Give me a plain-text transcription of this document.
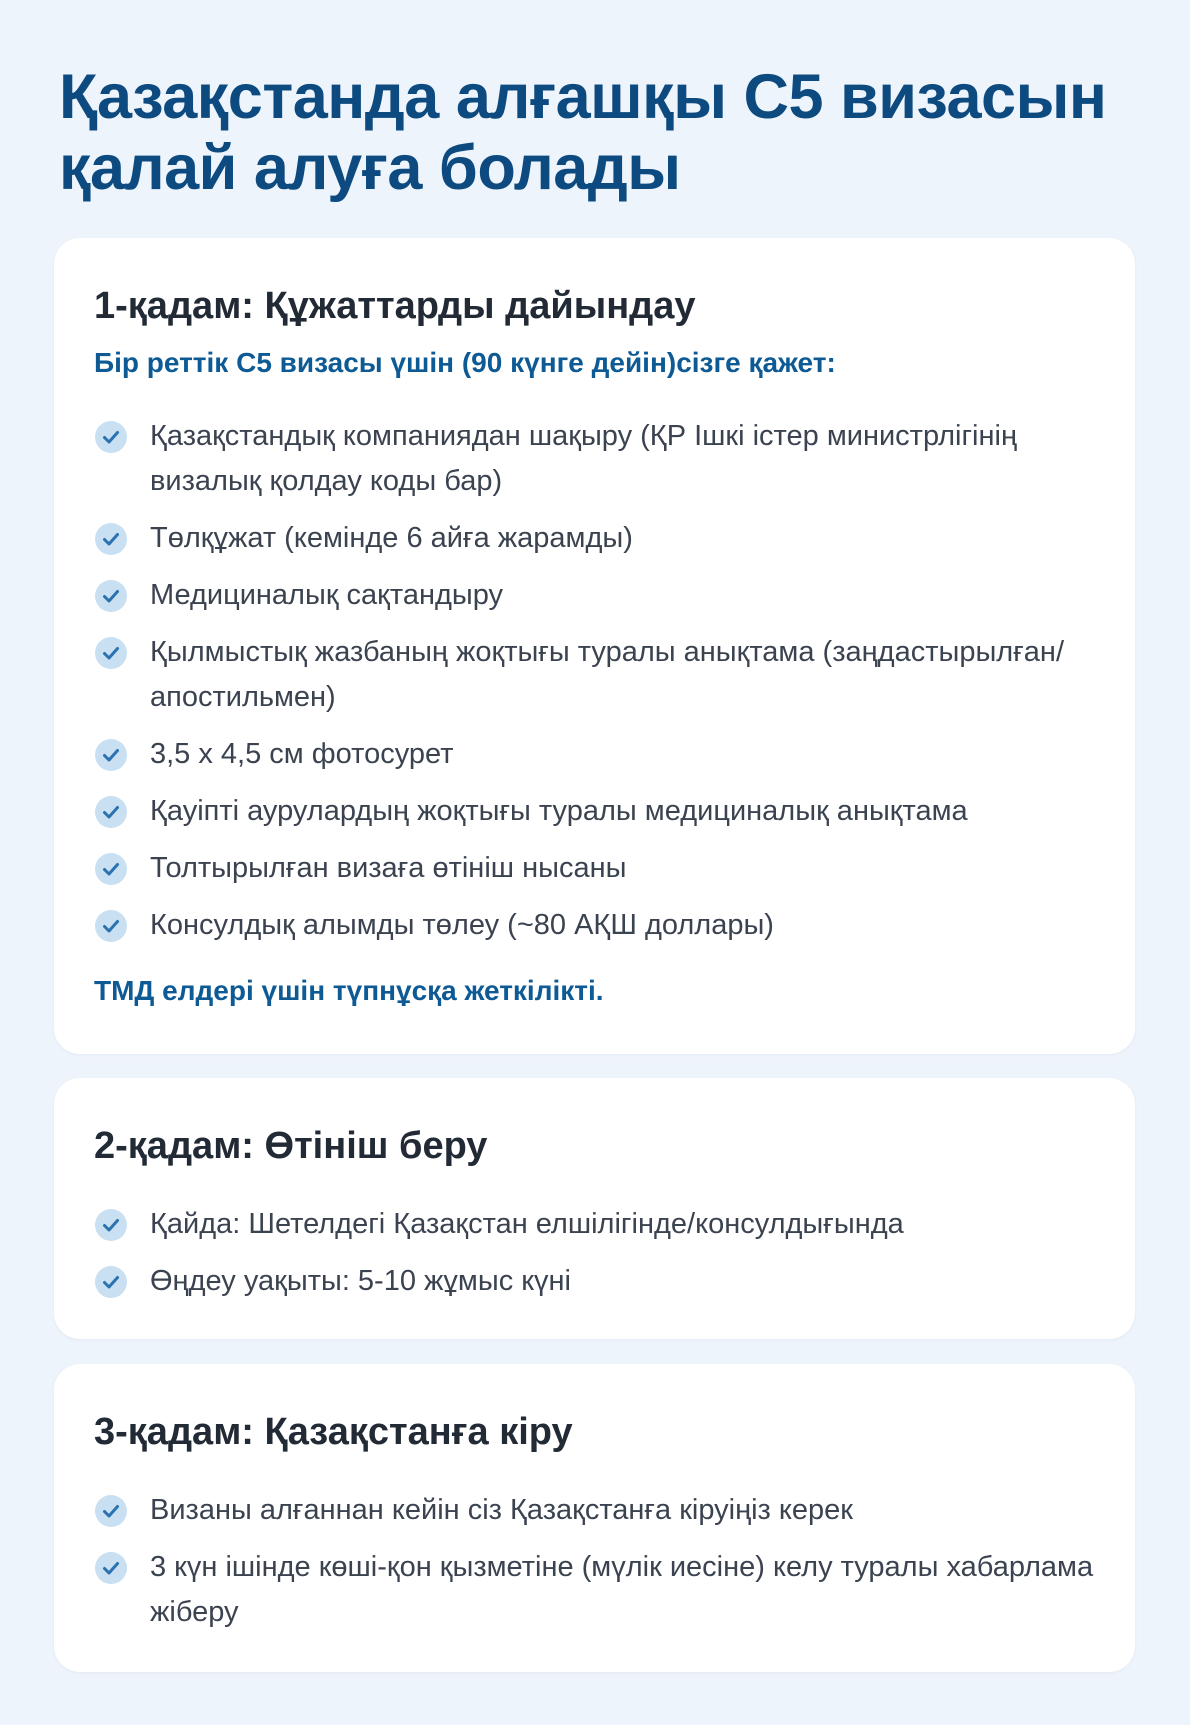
Қазақстанда алғашқы C5 визасын қалай алуға болады
1-қадам: Құжаттарды дайындау

Бір реттік C5 визасы үшін (90 күнге дейін)сізге қажет:

Қазақстандық компаниядан шақыру (ҚР Ішкі істер министрлігінің визалық қолдау коды бар)
Төлқұжат (кемінде 6 айға жарамды)
Медициналық сақтандыру
Қылмыстық жазбаның жоқтығы туралы анықтама (заңдастырылған/апостильмен)
3,5 x 4,5 см фотосурет
Қауіпті аурулардың жоқтығы туралы медициналық анықтама
Толтырылған визаға өтініш нысаны
Консулдық алымды төлеу (~80 АҚШ доллары)

ТМД елдері үшін түпнұсқа жеткілікті.

2-қадам: Өтініш беру
Қайда: Шетелдегі Қазақстан елшілігінде/консулдығында
Өңдеу уақыты: 5-10 жұмыс күні
3-қадам: Қазақстанға кіру
Визаны алғаннан кейін сіз Қазақстанға кіруіңіз керек
3 күн ішінде көші-қон қызметіне (мүлік иесіне) келу туралы хабарлама жіберу
